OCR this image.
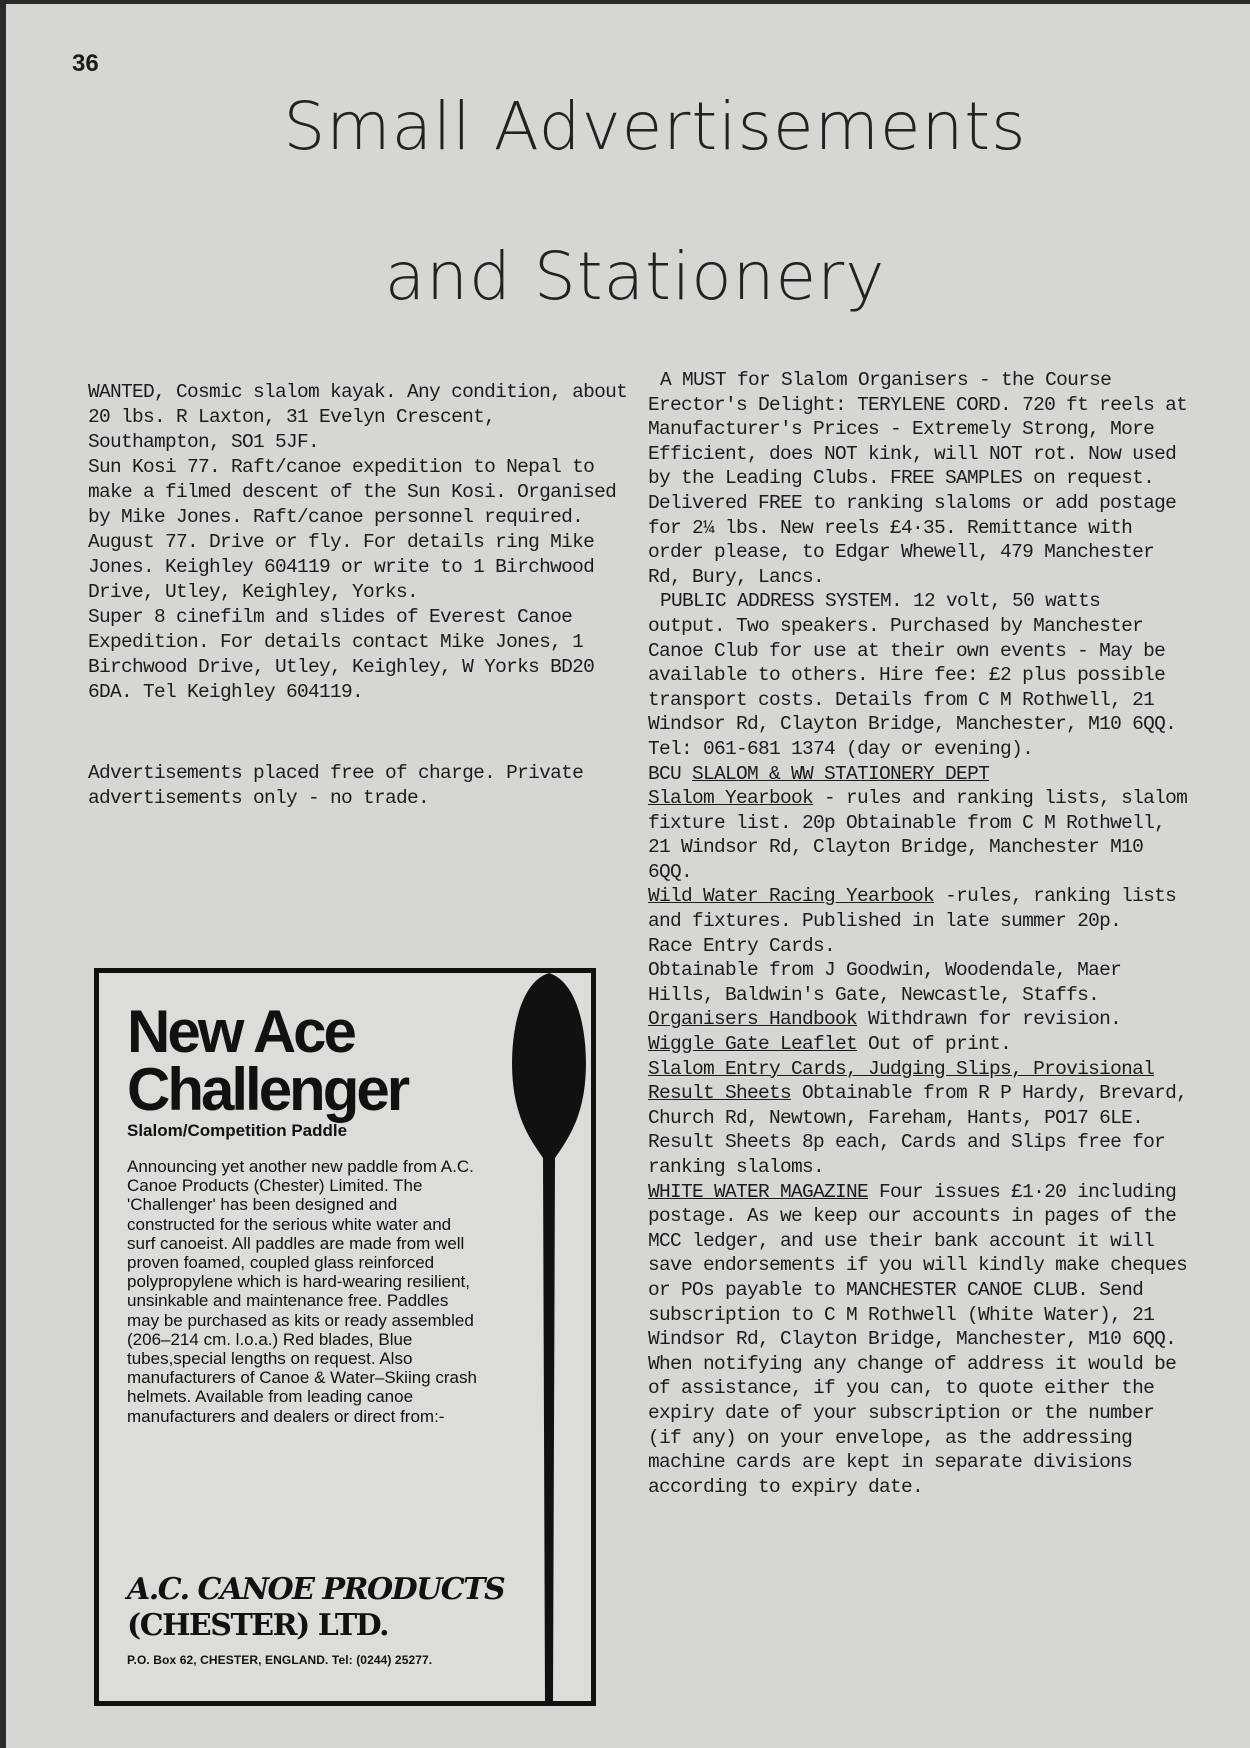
36
Small Advertisements
and Stationery

WANTED, Cosmic slalom kayak. Any condition, about 20 lbs. R Laxton, 31 Evelyn Crescent, Southampton, SO1 5JF.

Sun Kosi 77. Raft/canoe expedition to Nepal to make a filmed descent of the Sun Kosi. Organised by Mike Jones. Raft/canoe personnel required. August 77. Drive or fly. For details ring Mike Jones. Keighley 604119 or write to 1 Birchwood Drive, Utley, Keighley, Yorks.

Super 8 cinefilm and slides of Everest Canoe Expedition. For details contact Mike Jones, 1 Birchwood Drive, Utley, Keighley, W Yorks BD20 6DA. Tel Keighley 604119.

Advertisements placed free of charge. Private advertisements only - no trade.

New Ace
Challenger
Slalom/Competition Paddle

Announcing yet another new paddle from A.C. Canoe Products (Chester) Limited. The 'Challenger' has been designed and constructed for the serious white water and surf canoeist. All paddles are made from well proven foamed, coupled glass reinforced polypropylene which is hard-wearing resilient, unsinkable and maintenance free. Paddles may be purchased as kits or ready assembled (206–214 cm. l.o.a.) Red blades, Blue tubes,special lengths on request. Also manufacturers of Canoe & Water–Skiing crash helmets. Available from leading canoe manufacturers and dealers or direct from:-

A.C. CANOE PRODUCTS
(CHESTER) LTD.
P.O. Box 62, CHESTER, ENGLAND. Tel: (0244) 25277.

A MUST for Slalom Organisers - the Course Erector's Delight: TERYLENE CORD. 720 ft reels at Manufacturer's Prices - Extremely Strong, More Efficient, does NOT kink, will NOT rot. Now used by the Leading Clubs. FREE SAMPLES on request. Delivered FREE to ranking slaloms or add postage for 2¼ lbs. New reels £4·35. Remittance with order please, to Edgar Whewell, 479 Manchester Rd, Bury, Lancs.

PUBLIC ADDRESS SYSTEM. 12 volt, 50 watts output. Two speakers. Purchased by Manchester Canoe Club for use at their own events - May be available to others. Hire fee: £2 plus possible transport costs. Details from C M Rothwell, 21 Windsor Rd, Clayton Bridge, Manchester, M10 6QQ. Tel: 061-681 1374 (day or evening).

BCU SLALOM & WW STATIONERY DEPT

Slalom Yearbook - rules and ranking lists, slalom fixture list. 20p Obtainable from C M Rothwell, 21 Windsor Rd, Clayton Bridge, Manchester M10 6QQ.

Wild Water Racing Yearbook -rules, ranking lists and fixtures. Published in late summer 20p.

Race Entry Cards.

Obtainable from J Goodwin, Woodendale, Maer Hills, Baldwin's Gate, Newcastle, Staffs.

Organisers Handbook Withdrawn for revision.

Wiggle Gate Leaflet Out of print.

Slalom Entry Cards, Judging Slips, Provisional Result Sheets Obtainable from R P Hardy, Brevard, Church Rd, Newtown, Fareham, Hants, PO17 6LE.

Result Sheets 8p each, Cards and Slips free for ranking slaloms.

WHITE WATER MAGAZINE Four issues £1·20 including postage. As we keep our accounts in pages of the MCC ledger, and use their bank account it will save endorsements if you will kindly make cheques or POs payable to MANCHESTER CANOE CLUB. Send subscription to C M Rothwell (White Water), 21 Windsor Rd, Clayton Bridge, Manchester, M10 6QQ. When notifying any change of address it would be of assistance, if you can, to quote either the expiry date of your subscription or the number (if any) on your envelope, as the addressing machine cards are kept in separate divisions according to expiry date.
